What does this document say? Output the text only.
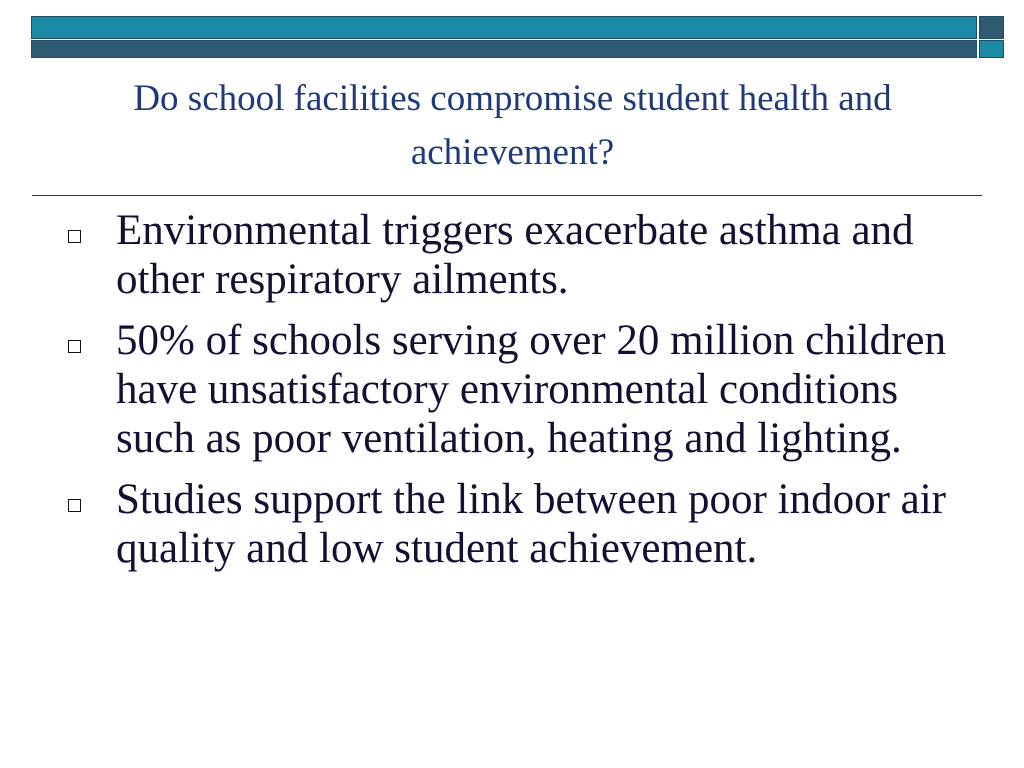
Do school facilities compromise student health and achievement?
Environmental triggers exacerbate asthma and other respiratory ailments.
50% of schools serving over 20 million children have unsatisfactory environmental conditions such as poor ventilation, heating and lighting.
Studies support the link between poor indoor air quality and low student achievement.
